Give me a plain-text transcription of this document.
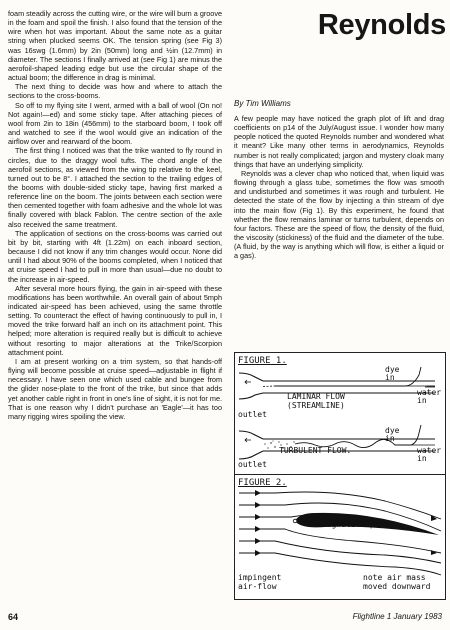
foam steadily across the cutting wire, or the wire will burn a groove in the foam and spoil the finish. I also found that the tension of the wire when hot was important. About the same note as a guitar string when plucked seems OK. The tension spring (see Fig 3) was 16swg (1.6mm) by 2in (50mm) long and ½in (12.7mm) in diameter. The sections I finally arrived at (see Fig 1) are minus the aerofoil-shaped leading edge but use the circular shape of the actual boom; the difference in drag is minimal.

The next thing to decide was how and where to attach the sections to the cross-booms.

So off to my flying site I went, armed with a ball of wool (On no! Not again!—ed) and some sticky tape. After attaching pieces of wool from 2in to 18in (456mm) to the starboard boom, I took off and watched to see if the wool would give an indication of the airflow over and rearward of the boom.

The first thing I noticed was that the trike wanted to fly round in circles, due to the draggy wool tufts. The chord angle of the aerofoil sections, as viewed from the wing tip relative to the keel, turned out to be 8°. I attached the section to the trailing edges of the booms with double-sided sticky tape, having first marked a reference line on the boom. The joints between each section were then cemented together with foam adhesive and the whole lot was finally covered with black Fablon. The centre section of the axle also received the same treatment.

The application of sections on the cross-booms was carried out bit by bit, starting with 4ft (1.22m) on each inboard section, because I did not know if any trim changes would occur. None did until I had about 90% of the booms completed, when I noticed that at cruise speed I had to pull in more than usual—due no doubt to the increase in air-speed.

After several more hours flying, the gain in air-speed with these modifications has been worthwhile. An overall gain of about 5mph indicated air-speed has been achieved, using the same throttle setting. To counteract the effect of having continuously to pull in, I moved the trike forward half an inch on its attachment point. This helped; more alteration is required really but is difficult to achieve without resorting to major alterations at the Trike/Scorpion attachment point.

I am at present working on a trim system, so that hands-off flying will become possible at cruise speed—adjustable in flight if necessary. I have seen one which used cable and bungee from the glider nose-plate to the front of the trike, but since that adds yet another cable right in front in one's line of sight, it is not for me. That is one reason why I didn't purchase an 'Eagle'—it has too many rigging wires spoiling the view.

Reynolds
By Tim Williams

A few people may have noticed the graph plot of lift and drag coefficients on p14 of the July/August issue. I wonder how many people noticed the quoted Reynolds number and wondered what it meant? Like many other terms in aerodynamics, Reynolds number is not really complicated; jargon and mystery cloak many things that have an underlying simplicity.

Reynolds was a clever chap who noticed that, when liquid was flowing through a glass tube, sometimes the flow was smooth and undisturbed and sometimes it was rough and turbulent. He detected the state of the flow by injecting a thin stream of dye into the main flow (Fig 1). By this experiment, he found that whether the flow remains laminar or turns turbulent, depends on four factors. These are the speed of flow, the density of the fluid, the viscosity (stickiness) of the fluid and the diameter of the tube. (A fluid, by the way is anything which will flow, is either a liquid or a gas).

FIGURE 1.
LAMINAR FLOW
(STREAMLINE)
dye in
water in
outlet
TURBULENT FLOW.
dye in
water in
outlet
FIGURE 2.
stagnation point.
impingent air-flow
note air mass moved downward
64	Flightline 1 January 1983
